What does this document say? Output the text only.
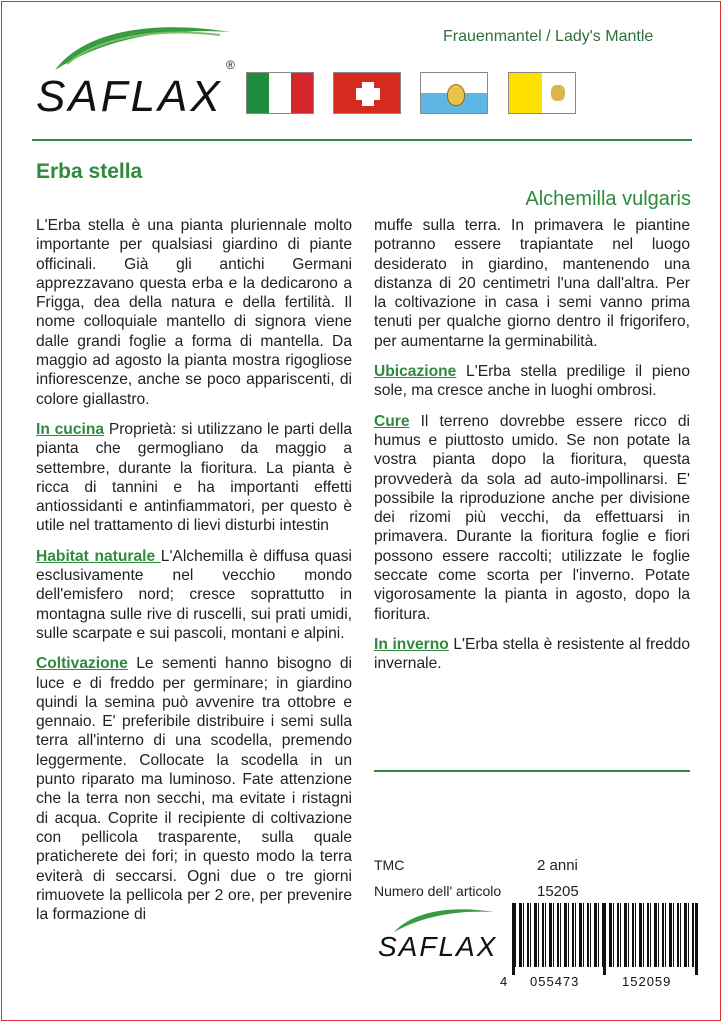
SAFLAX
®
Frauenmantel / Lady's Mantle
Erba stella
Alchemilla vulgaris

L'Erba stella è una pianta pluriennale molto importante per qualsiasi giardino di piante officinali. Già gli antichi Germani apprezzavano questa erba e la dedicarono a Frigga, dea della natura e della fertilità. Il nome colloquiale mantello di signora viene dalle grandi foglie a forma di mantella. Da maggio ad agosto la pianta mostra rigogliose infiorescenze, anche se poco appariscenti, di colore giallastro.

In cucina Proprietà: si utilizzano le parti della pianta che germogliano da maggio a settembre, durante la fioritura. La pianta è ricca di tannini e ha importanti effetti antiossidanti e antinfiammatori, per questo è utile nel trattamento di lievi disturbi intestin

Habitat naturale L'Alchemilla è diffusa quasi esclusivamente nel vecchio mondo dell'emisfero nord; cresce soprattutto in montagna sulle rive di ruscelli, sui prati umidi, sulle scarpate e sui pascoli, montani e alpini.

Coltivazione Le sementi hanno bisogno di luce e di freddo per germinare; in giardino quindi la semina può avvenire tra ottobre e gennaio. E' preferibile distribuire i semi sulla terra all'interno di una scodella, premendo leggermente. Collocate la scodella in un punto riparato ma luminoso. Fate attenzione che la terra non secchi, ma evitate i ristagni di acqua. Coprite il recipiente di coltivazione con pellicola trasparente, sulla quale praticherete dei fori; in questo modo la terra eviterà di seccarsi. Ogni due o tre giorni rimuovete la pellicola per 2 ore, per prevenire la formazione di

muffe sulla terra. In primavera le piantine potranno essere trapiantate nel luogo desiderato in giardino, mantenendo una distanza di 20 centimetri l'una dall'altra. Per la coltivazione in casa i semi vanno prima tenuti per qualche giorno dentro il frigorifero, per aumentarne la germinabilità.

Ubicazione L'Erba stella predilige il pieno sole, ma cresce anche in luoghi ombrosi.

Cure Il terreno dovrebbe essere ricco di humus e piuttosto umido. Se non potate la vostra pianta dopo la fioritura, questa provvederà da sola ad auto-impollinarsi. E' possibile la riproduzione anche per divisione dei rizomi più vecchi, da effettuarsi in primavera. Durante la fioritura foglie e fiori possono essere raccolti; utilizzate le foglie seccate come scorta per l'inverno. Potate vigorosamente la pianta in agosto, dopo la fioritura.

In inverno L'Erba stella è resistente al freddo invernale.

TMC	2 anni
Numero dell' articolo 15205
SAFLAX
4 055473	152059
